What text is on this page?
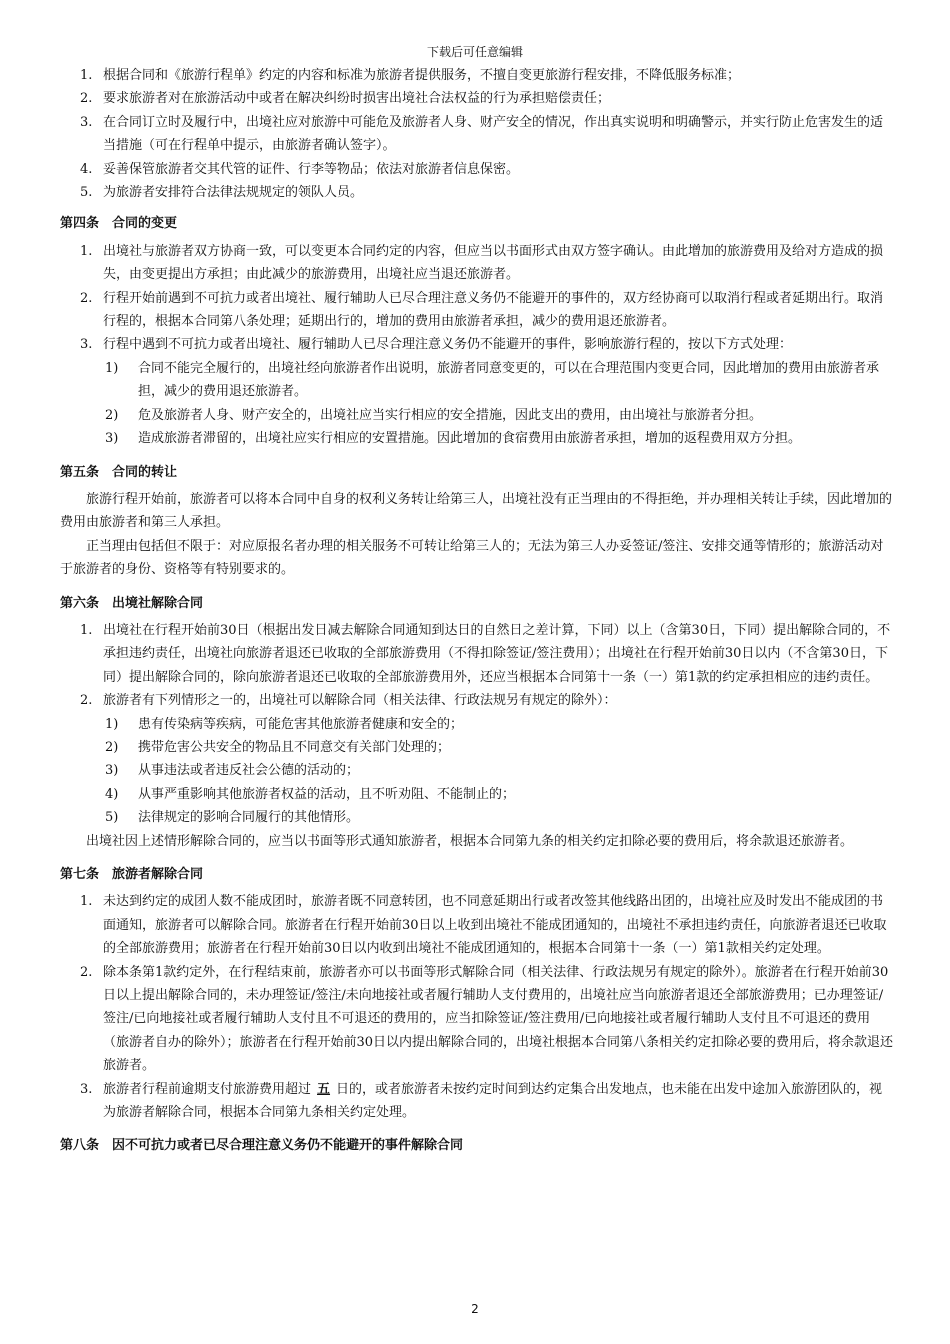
下载后可任意编辑

1. 根据合同和《旅游行程单》约定的内容和标准为旅游者提供服务，不擅自变更旅游行程安排，不降低服务标准；

2. 要求旅游者对在旅游活动中或者在解决纠纷时损害出境社合法权益的行为承担赔偿责任；

3. 在合同订立时及履行中，出境社应对旅游中可能危及旅游者人身、财产安全的情况，作出真实说明和明确警示，并实行防止危害发生的适当措施（可在行程单中提示，由旅游者确认签字）。

4. 妥善保管旅游者交其代管的证件、行李等物品；依法对旅游者信息保密。

5. 为旅游者安排符合法律法规规定的领队人员。

第四条　合同的变更

1. 出境社与旅游者双方协商一致，可以变更本合同约定的内容，但应当以书面形式由双方签字确认。由此增加的旅游费用及给对方造成的损失，由变更提出方承担；由此减少的旅游费用，出境社应当退还旅游者。

2. 行程开始前遇到不可抗力或者出境社、履行辅助人已尽合理注意义务仍不能避开的事件的，双方经协商可以取消行程或者延期出行。取消行程的，根据本合同第八条处理；延期出行的，增加的费用由旅游者承担，减少的费用退还旅游者。

3. 行程中遇到不可抗力或者出境社、履行辅助人已尽合理注意义务仍不能避开的事件，影响旅游行程的，按以下方式处理：

1) 合同不能完全履行的，出境社经向旅游者作出说明，旅游者同意变更的，可以在合理范围内变更合同，因此增加的费用由旅游者承担，减少的费用退还旅游者。

2) 危及旅游者人身、财产安全的，出境社应当实行相应的安全措施，因此支出的费用，由出境社与旅游者分担。

3) 造成旅游者滞留的，出境社应实行相应的安置措施。因此增加的食宿费用由旅游者承担，增加的返程费用双方分担。

第五条　合同的转让

旅游行程开始前，旅游者可以将本合同中自身的权利义务转让给第三人，出境社没有正当理由的不得拒绝，并办理相关转让手续，因此增加的费用由旅游者和第三人承担。

正当理由包括但不限于：对应原报名者办理的相关服务不可转让给第三人的；无法为第三人办妥签证/签注、安排交通等情形的；旅游活动对于旅游者的身份、资格等有特别要求的。

第六条　出境社解除合同

1. 出境社在行程开始前30日（根据出发日减去解除合同通知到达日的自然日之差计算，下同）以上（含第30日，下同）提出解除合同的，不承担违约责任，出境社向旅游者退还已收取的全部旅游费用（不得扣除签证/签注费用）；出境社在行程开始前30日以内（不含第30日，下同）提出解除合同的，除向旅游者退还已收取的全部旅游费用外，还应当根据本合同第十一条（一）第1款的约定承担相应的违约责任。

2. 旅游者有下列情形之一的，出境社可以解除合同（相关法律、行政法规另有规定的除外）：

1) 患有传染病等疾病，可能危害其他旅游者健康和安全的；

2) 携带危害公共安全的物品且不同意交有关部门处理的；

3) 从事违法或者违反社会公德的活动的；

4) 从事严重影响其他旅游者权益的活动，且不听劝阻、不能制止的；

5) 法律规定的影响合同履行的其他情形。

出境社因上述情形解除合同的，应当以书面等形式通知旅游者，根据本合同第九条的相关约定扣除必要的费用后，将余款退还旅游者。

第七条　旅游者解除合同

1. 未达到约定的成团人数不能成团时，旅游者既不同意转团，也不同意延期出行或者改签其他线路出团的，出境社应及时发出不能成团的书面通知，旅游者可以解除合同。旅游者在行程开始前30日以上收到出境社不能成团通知的，出境社不承担违约责任，向旅游者退还已收取的全部旅游费用；旅游者在行程开始前30日以内收到出境社不能成团通知的，根据本合同第十一条（一）第1款相关约定处理。

2. 除本条第1款约定外，在行程结束前，旅游者亦可以书面等形式解除合同（相关法律、行政法规另有规定的除外）。旅游者在行程开始前30日以上提出解除合同的，未办理签证/签注/未向地接社或者履行辅助人支付费用的，出境社应当向旅游者退还全部旅游费用；已办理签证/签注/已向地接社或者履行辅助人支付且不可退还的费用的，应当扣除签证/签注费用/已向地接社或者履行辅助人支付且不可退还的费用（旅游者自办的除外）；旅游者在行程开始前30日以内提出解除合同的，出境社根据本合同第八条相关约定扣除必要的费用后，将余款退还旅游者。

3. 旅游者行程前逾期支付旅游费用超过 五 日的，或者旅游者未按约定时间到达约定集合出发地点，也未能在出发中途加入旅游团队的，视为旅游者解除合同，根据本合同第九条相关约定处理。

第八条　因不可抗力或者已尽合理注意义务仍不能避开的事件解除合同
2
